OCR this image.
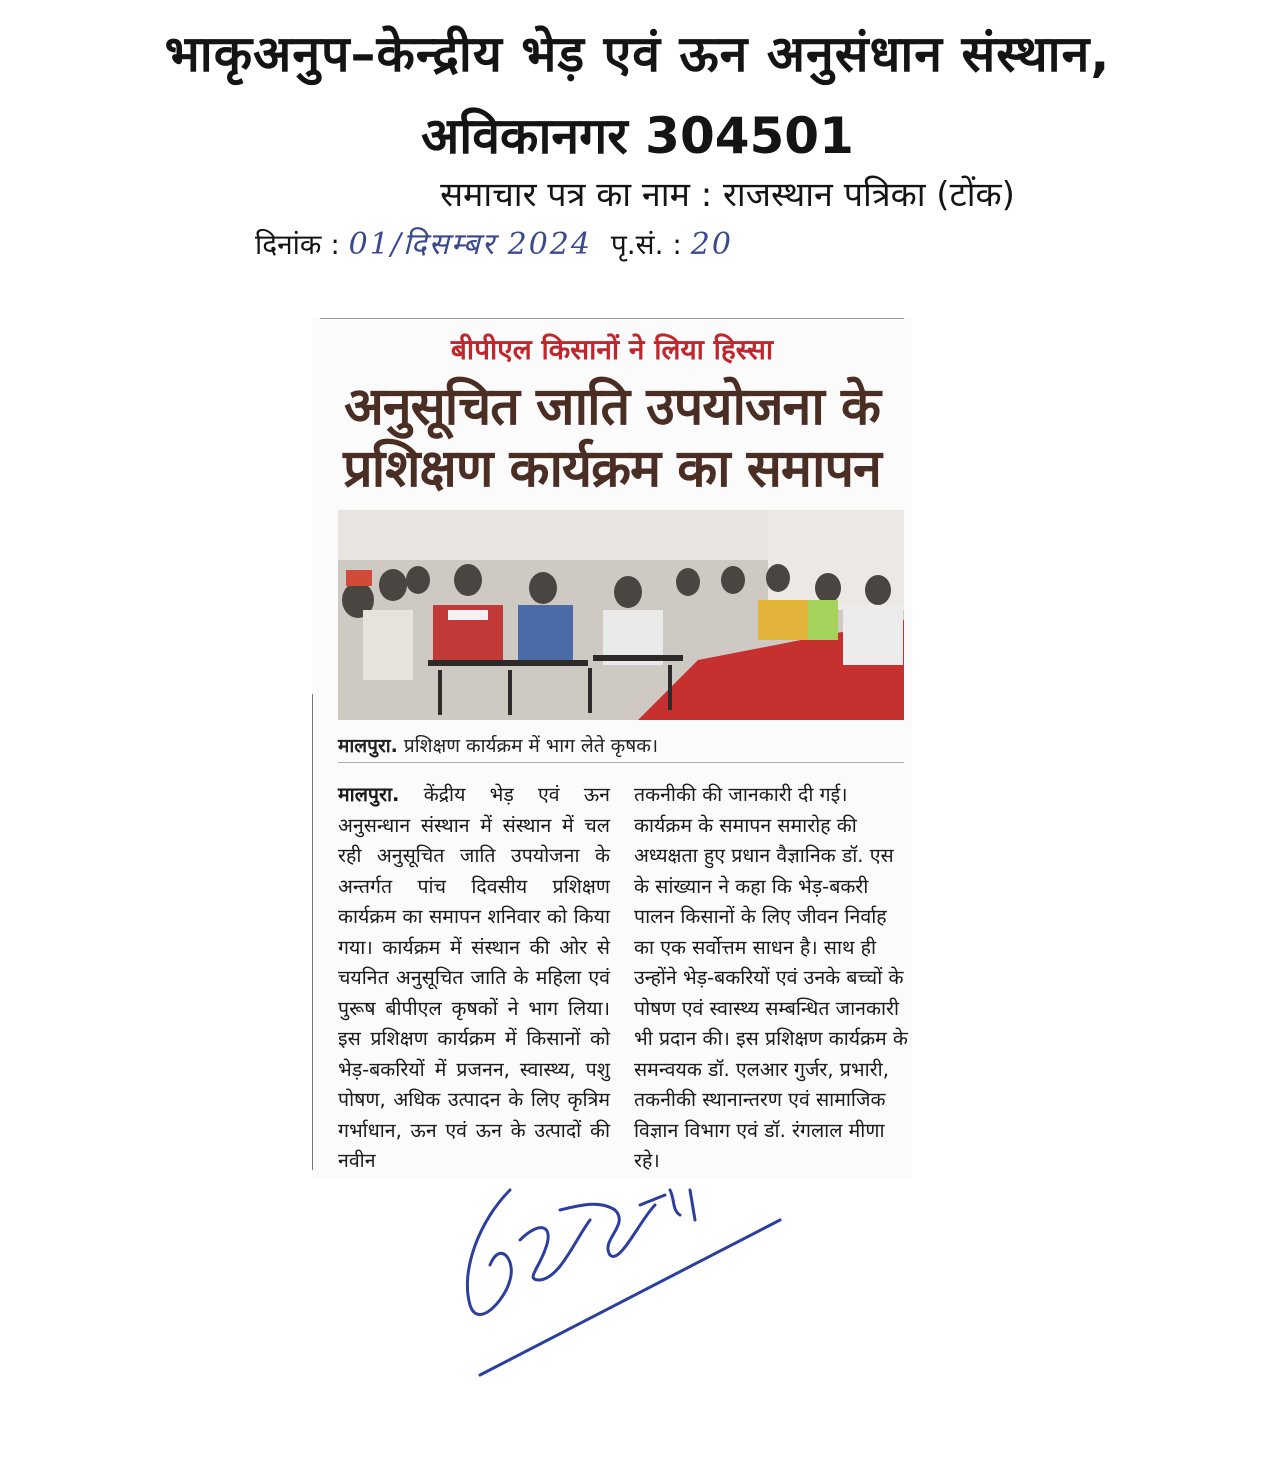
भाकृअनुप–केन्द्रीय भेड़ एवं ऊन अनुसंधान संस्थान,
अविकानगर 304501
समाचार पत्र का नाम : राजस्थान पत्रिका (टोंक)
दिनांक : 01/दिसम्बर 2024 पृ.सं. : 20
बीपीएल किसानों ने लिया हिस्सा
अनुसूचित जाति उपयोजना के
प्रशिक्षण कार्यक्रम का समापन
मालपुरा. प्रशिक्षण कार्यक्रम में भाग लेते कृषक।
मालपुरा. केंद्रीय भेड़ एवं ऊन अनुसन्धान संस्थान में संस्थान में चल रही अनुसूचित जाति उपयोजना के अन्तर्गत पांच दिवसीय प्रशिक्षण कार्यक्रम का समापन शनिवार को किया गया। कार्यक्रम में संस्थान की ओर से चयनित अनुसूचित जाति के महिला एवं पुरूष बीपीएल कृषकों ने भाग लिया। इस प्रशिक्षण कार्यक्रम में किसानों को भेड़-बकरियों में प्रजनन, स्वास्थ्य, पशु पोषण, अधिक उत्पादन के लिए कृत्रिम गर्भाधान, ऊन एवं ऊन के उत्पादों की नवीन
तकनीकी की जानकारी दी गई। कार्यक्रम के समापन समारोह की अध्यक्षता हुए प्रधान वैज्ञानिक डॉ. एस के सांख्यान ने कहा कि भेड़-बकरी पालन किसानों के लिए जीवन निर्वाह का एक सर्वोत्तम साधन है। साथ ही उन्होंने भेड़-बकरियों एवं उनके बच्चों के पोषण एवं स्वास्थ्य सम्बन्धित जानकारी भी प्रदान की। इस प्रशिक्षण कार्यक्रम के समन्वयक डॉ. एलआर गुर्जर, प्रभारी, तकनीकी स्थानान्तरण एवं सामाजिक विज्ञान विभाग एवं डॉ. रंगलाल मीणा रहे।
